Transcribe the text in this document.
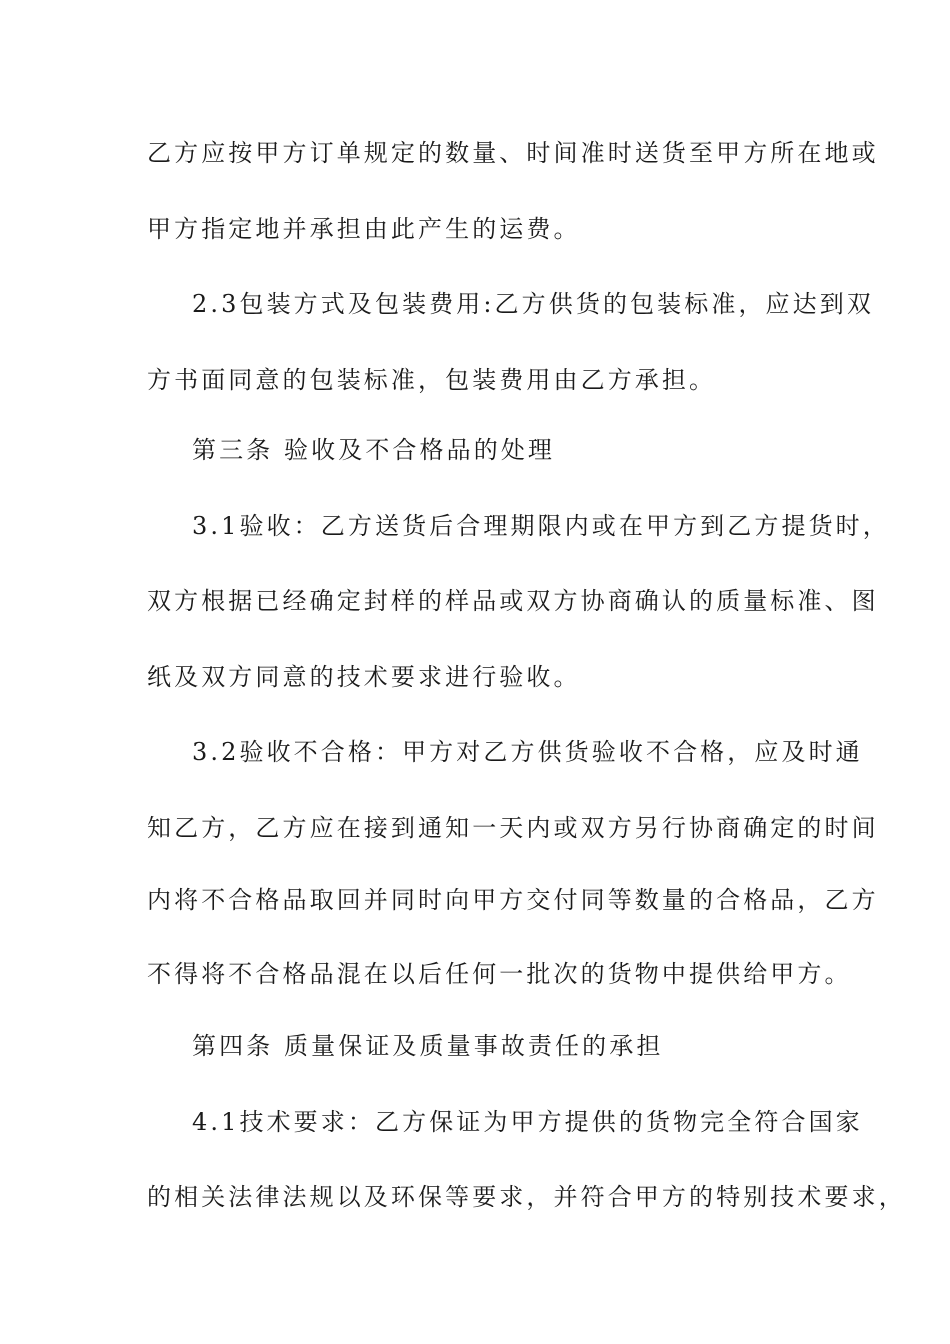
乙方应按甲方订单规定的数量、时间准时送货至甲方所在地或
甲方指定地并承担由此产生的运费。
2.3包装方式及包装费用:乙方供货的包装标准，应达到双
方书面同意的包装标准，包装费用由乙方承担。
第三条 验收及不合格品的处理
3.1验收：乙方送货后合理期限内或在甲方到乙方提货时，
双方根据已经确定封样的样品或双方协商确认的质量标准、图
纸及双方同意的技术要求进行验收。
3.2验收不合格：甲方对乙方供货验收不合格，应及时通
知乙方，乙方应在接到通知一天内或双方另行协商确定的时间
内将不合格品取回并同时向甲方交付同等数量的合格品，乙方
不得将不合格品混在以后任何一批次的货物中提供给甲方。
第四条 质量保证及质量事故责任的承担
4.1技术要求：乙方保证为甲方提供的货物完全符合国家
的相关法律法规以及环保等要求，并符合甲方的特别技术要求，
